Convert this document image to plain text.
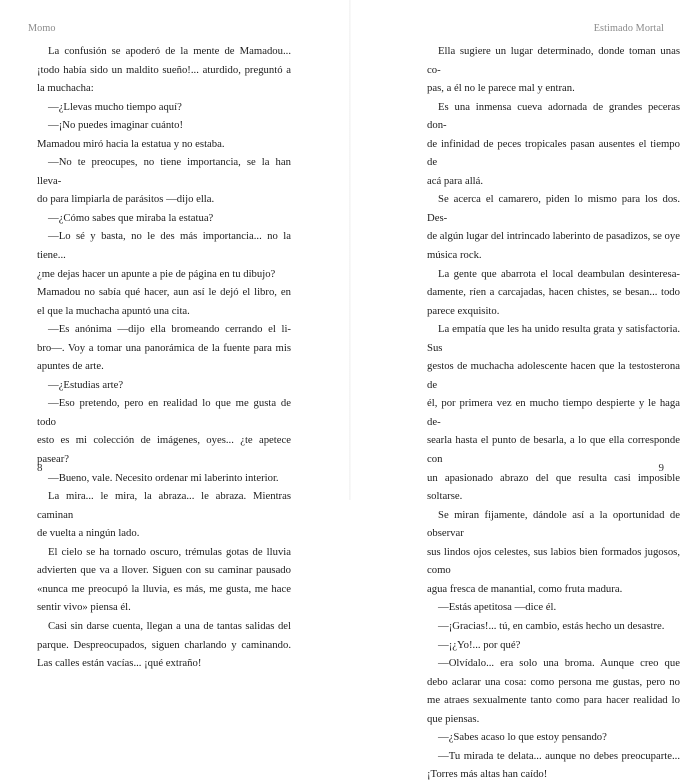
Momo

La confusión se apoderó de la mente de Mamadou...

¡todo había sido un maldito sueño!... aturdido, preguntó a

la muchacha:

—¿Llevas mucho tiempo aquí?

—¡No puedes imaginar cuánto!

Mamadou miró hacia la estatua y no estaba.

—No te preocupes, no tiene importancia, se la han lleva-

do para limpiarla de parásitos —dijo ella.

—¿Cómo sabes que miraba la estatua?

—Lo sé y basta, no le des más importancia... no la tiene...

¿me dejas hacer un apunte a pie de página en tu dibujo?

Mamadou no sabía qué hacer, aun así le dejó el libro, en

el que la muchacha apuntó una cita.

—Es anónima —dijo ella bromeando cerrando el li-

bro—. Voy a tomar una panorámica de la fuente para mis

apuntes de arte.

—¿Estudias arte?

—Eso pretendo, pero en realidad lo que me gusta de todo

esto es mi colección de imágenes, oyes... ¿te apetece pasear?

—Bueno, vale. Necesito ordenar mi laberinto interior.

La mira... le mira, la abraza... le abraza. Mientras caminan

de vuelta a ningún lado.

El cielo se ha tornado oscuro, trémulas gotas de lluvia

advierten que va a llover. Siguen con su caminar pausado

«nunca me preocupó la lluvia, es más, me gusta, me hace

sentir vivo» piensa él.

Casi sin darse cuenta, llegan a una de tantas salidas del

parque. Despreocupados, siguen charlando y caminando.

Las calles están vacías... ¡qué extraño!

8
Estimado Mortal

Ella sugiere un lugar determinado, donde toman unas co-

pas, a él no le parece mal y entran.

Es una inmensa cueva adornada de grandes peceras don-

de infinidad de peces tropicales pasan ausentes el tiempo de

acá para allá.

Se acerca el camarero, piden lo mismo para los dos. Des-

de algún lugar del intrincado laberinto de pasadizos, se oye

música rock.

La gente que abarrota el local deambulan desinteresa-

damente, ríen a carcajadas, hacen chistes, se besan... todo

parece exquisito.

La empatía que les ha unido resulta grata y satisfactoria. Sus

gestos de muchacha adolescente hacen que la testosterona de

él, por primera vez en mucho tiempo despierte y le haga de-

searla hasta el punto de besarla, a lo que ella corresponde con

un apasionado abrazo del que resulta casi imposible soltarse.

Se miran fijamente, dándole así a la oportunidad de observar

sus lindos ojos celestes, sus labios bien formados jugosos, como

agua fresca de manantial, como fruta madura.

—Estás apetitosa —dice él.

—¡Gracias!... tú, en cambio, estás hecho un desastre.

—¡¿Yo!... por qué?

—Olvídalo... era solo una broma. Aunque creo que

debo aclarar una cosa: como persona me gustas, pero no

me atraes sexualmente tanto como para hacer realidad lo

que piensas.

—¿Sabes acaso lo que estoy pensando?

—Tu mirada te delata... aunque no debes preocuparte...

¡Torres más altas han caído!

9
